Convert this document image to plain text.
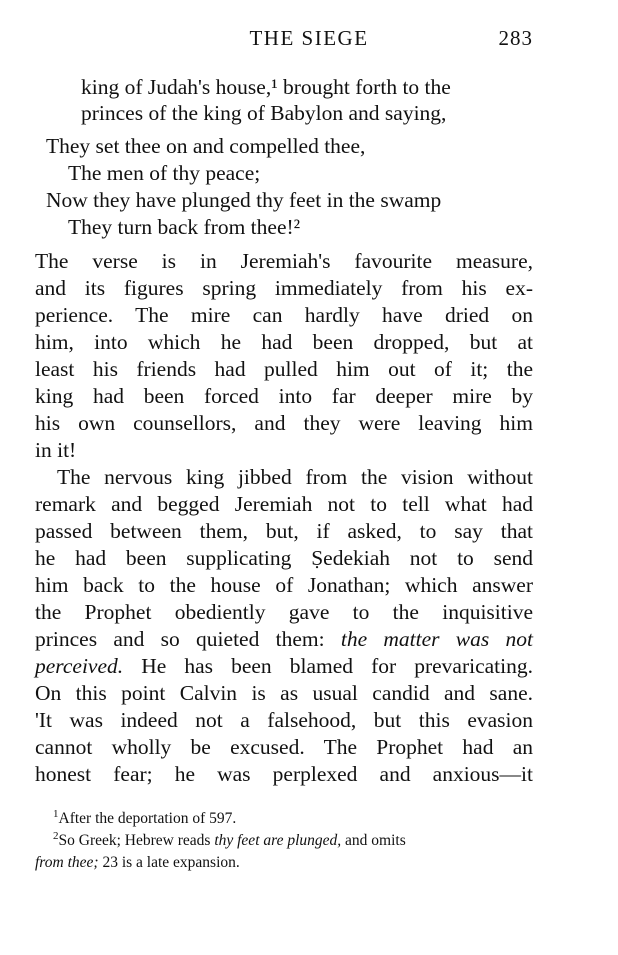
THE SIEGE	283
king of Judah's house,¹ brought forth to the
princes of the king of Babylon and saying,
They set thee on and compelled thee,
The men of thy peace;
Now they have plunged thy feet in the swamp
They turn back from thee!²
The verse is in Jeremiah's favourite measure,
and its figures spring immediately from his ex-
perience. The mire can hardly have dried on
him, into which he had been dropped, but at
least his friends had pulled him out of it; the
king had been forced into far deeper mire by
his own counsellors, and they were leaving him
in it!
The nervous king jibbed from the vision without
remark and begged Jeremiah not to tell what had
passed between them, but, if asked, to say that
he had been supplicating Ṣedekiah not to send
him back to the house of Jonathan; which answer
the Prophet obediently gave to the inquisitive
princes and so quieted them: the matter was not
perceived. He has been blamed for prevaricating.
On this point Calvin is as usual candid and sane.
'It was indeed not a falsehood, but this evasion
cannot wholly be excused. The Prophet had an
honest fear; he was perplexed and anxious—it
$^1$After the deportation of 597.
$^2$So Greek; Hebrew reads thy feet are plunged, and omits
from thee; 23 is a late expansion.
